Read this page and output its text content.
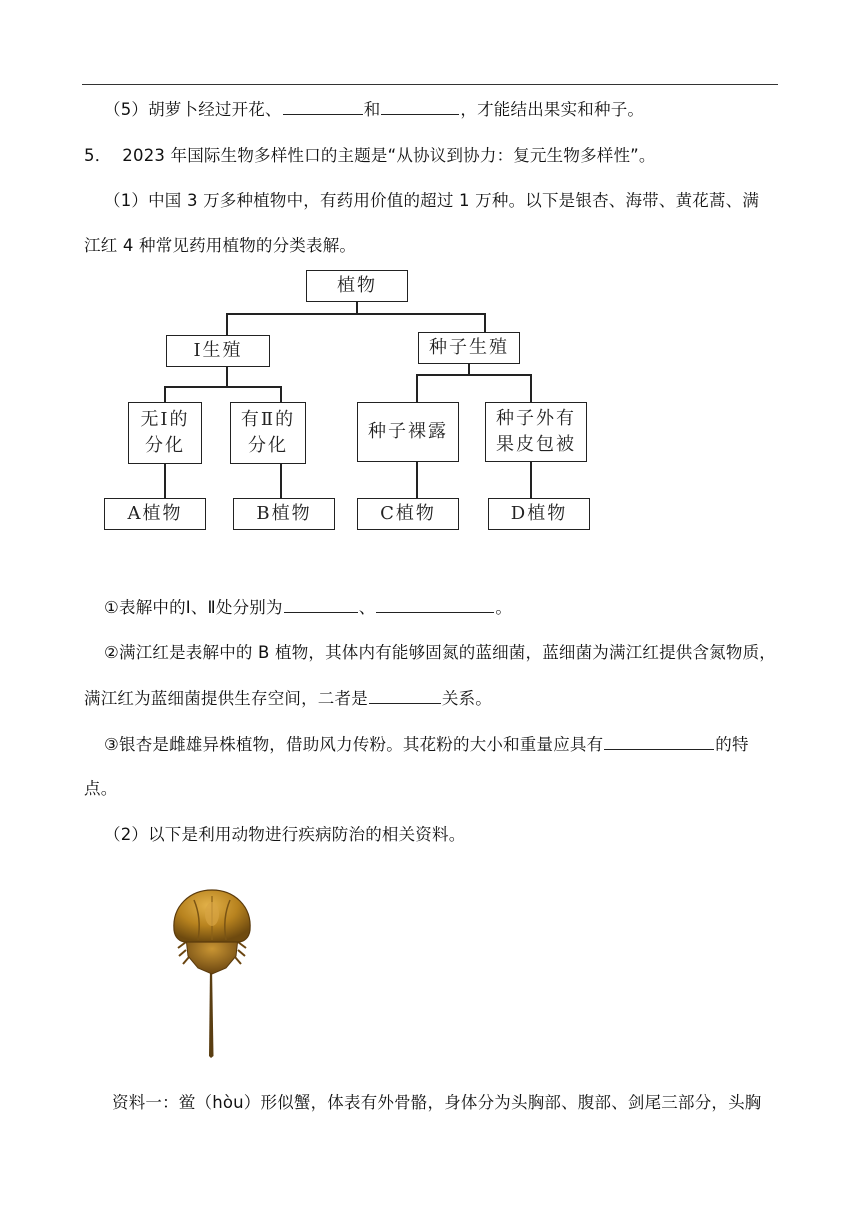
（5）胡萝卜经过开花、	和	，才能结出果实和种子。
5． 2023 年国际生物多样性口的主题是“从协议到协力：复元生物多样性”。
（1）中国 3 万多种植物中，有药用价值的超过 1 万种。以下是银杏、海带、黄花蒿、满
江红 4 种常见药用植物的分类表解。
植物
Ⅰ生殖	种子生殖
无Ⅰ的
分化
有Ⅱ的
分化
种子裸露
种子外有
果皮包被
A植物	B植物	C植物	D植物
①表解中的Ⅰ、Ⅱ处分别为	、	。
②满江红是表解中的 B 植物，其体内有能够固氮的蓝细菌，蓝细菌为满江红提供含氮物质，
满江红为蓝细菌提供生存空间，二者是	关系。
③银杏是雌雄异株植物，借助风力传粉。其花粉的大小和重量应具有	的特
点。
（2）以下是利用动物进行疾病防治的相关资料。
资料一：鲎（hòu）形似蟹，体表有外骨骼，身体分为头胸部、腹部、剑尾三部分，头胸
